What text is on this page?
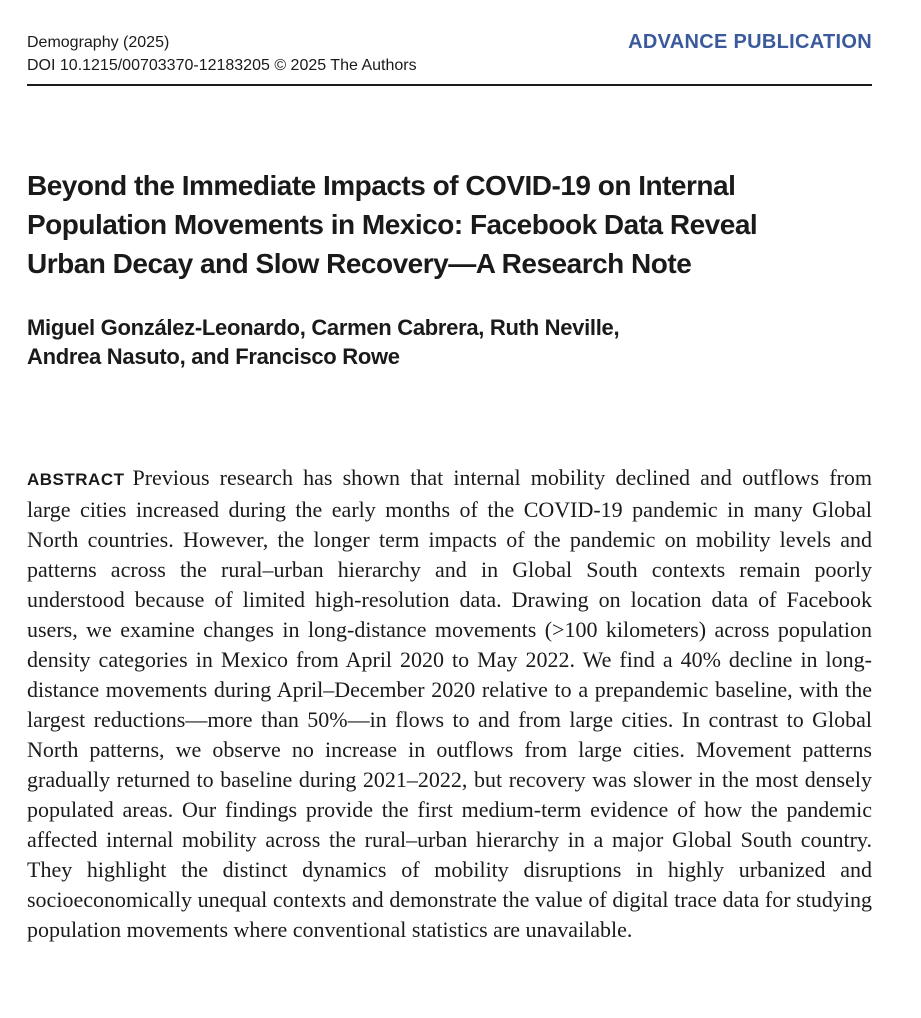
Demography (2025)
DOI 10.1215/00703370-12183205 © 2025 The Authors
ADVANCE PUBLICATION
Beyond the Immediate Impacts of COVID-19 on Internal
Population Movements in Mexico: Facebook Data Reveal
Urban Decay and Slow Recovery—A Research Note
Miguel González-Leonardo, Carmen Cabrera, Ruth Neville,
Andrea Nasuto, and Francisco Rowe

ABSTRACT Previous research has shown that internal mobility declined and outflows from large cities increased during the early months of the COVID-19 pandemic in many Global North countries. However, the longer term impacts of the pandemic on mobility levels and patterns across the rural–urban hierarchy and in Global South contexts remain poorly understood because of limited high-resolution data. Drawing on location data of Facebook users, we examine changes in long-distance movements (>100 kilometers) across population density categories in Mexico from April 2020 to May 2022. We find a 40% decline in long-distance movements during April–December 2020 relative to a prepandemic baseline, with the largest reductions—more than 50%—in flows to and from large cities. In contrast to Global North patterns, we observe no increase in outflows from large cities. Movement patterns gradually returned to baseline during 2021–2022, but recovery was slower in the most densely populated areas. Our findings provide the first medium-term evidence of how the pandemic affected internal mobility across the rural–urban hierarchy in a major Global South country. They highlight the distinct dynamics of mobility disruptions in highly urbanized and socioeconomically unequal contexts and demonstrate the value of digital trace data for studying population movements where conventional statistics are unavailable.
